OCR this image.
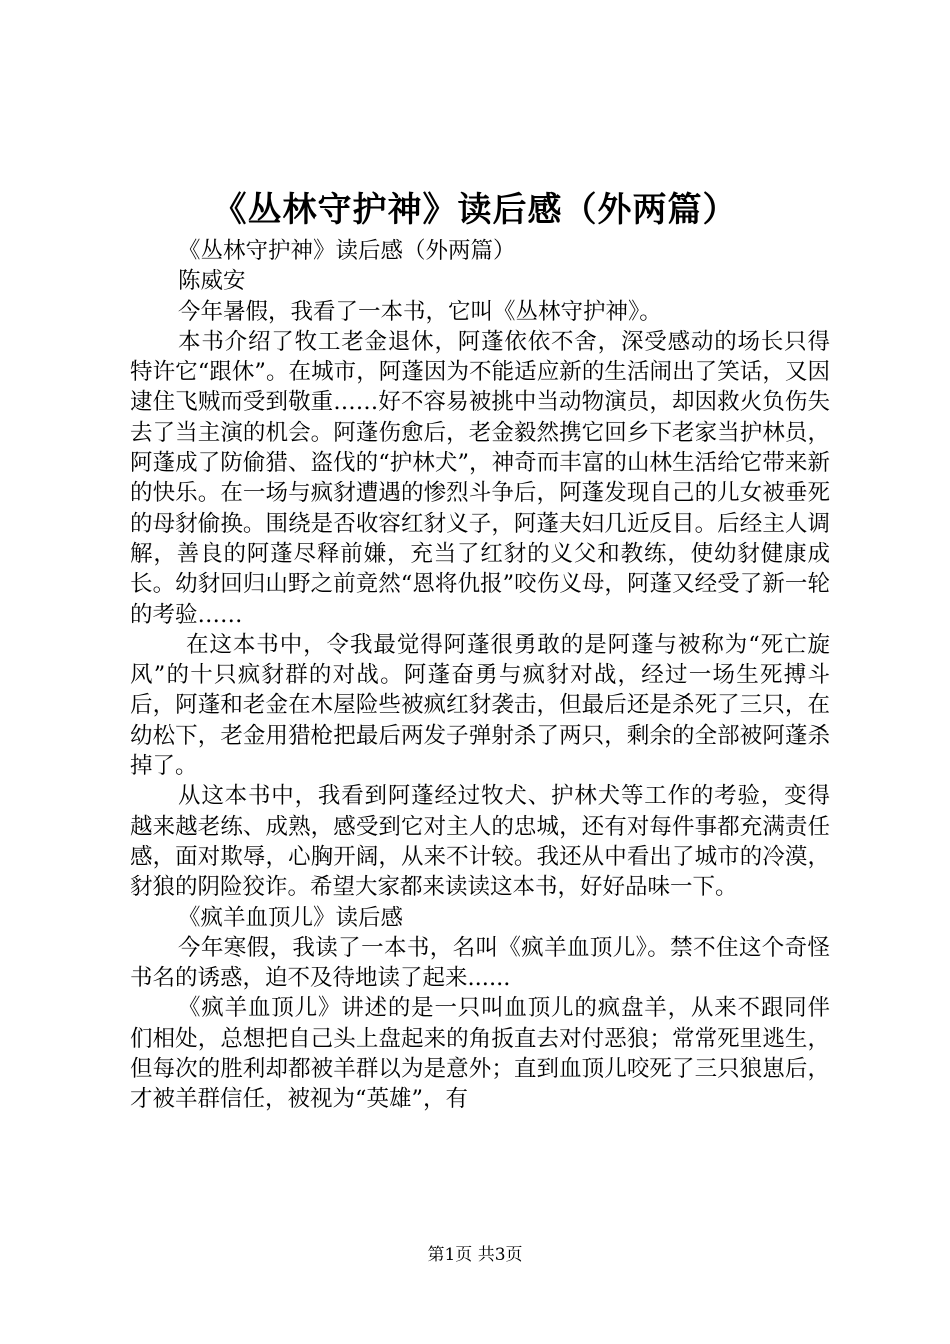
《丛林守护神》读后感（外两篇）

《丛林守护神》读后感（外两篇）

陈威安

今年暑假，我看了一本书，它叫《丛林守护神》。

本书介绍了牧工老金退休，阿蓬依依不舍，深受感动的场长只得特许它“跟休”。在城市，阿蓬因为不能适应新的生活闹出了笑话，又因逮住飞贼而受到敬重……好不容易被挑中当动物演员，却因救火负伤失去了当主演的机会。阿蓬伤愈后，老金毅然携它回乡下老家当护林员，阿蓬成了防偷猎、盗伐的“护林犬”，神奇而丰富的山林生活给它带来新的快乐。在一场与疯豺遭遇的惨烈斗争后，阿蓬发现自己的儿女被垂死的母豺偷换。围绕是否收容红豺义子，阿蓬夫妇几近反目。后经主人调解，善良的阿蓬尽释前嫌，充当了红豺的义父和教练，使幼豺健康成长。幼豺回归山野之前竟然“恩将仇报”咬伤义母，阿蓬又经受了新一轮的考验……

在这本书中，令我最觉得阿蓬很勇敢的是阿蓬与被称为“死亡旋风”的十只疯豺群的对战。阿蓬奋勇与疯豺对战，经过一场生死搏斗后，阿蓬和老金在木屋险些被疯红豺袭击，但最后还是杀死了三只，在幼松下，老金用猎枪把最后两发子弹射杀了两只，剩余的全部被阿蓬杀掉了。

从这本书中，我看到阿蓬经过牧犬、护林犬等工作的考验，变得越来越老练、成熟，感受到它对主人的忠城，还有对每件事都充满责任感，面对欺辱，心胸开阔，从来不计较。我还从中看出了城市的冷漠，豺狼的阴险狡诈。希望大家都来读读这本书，好好品味一下。

《疯羊血顶儿》读后感

今年寒假，我读了一本书，名叫《疯羊血顶儿》。禁不住这个奇怪书名的诱惑，迫不及待地读了起来......

《疯羊血顶儿》讲述的是一只叫血顶儿的疯盘羊，从来不跟同伴们相处，总想把自己头上盘起来的角扳直去对付恶狼；常常死里逃生，但每次的胜利却都被羊群以为是意外；直到血顶儿咬死了三只狼崽后，才被羊群信任，被视为“英雄”，有

第1页 共3页
